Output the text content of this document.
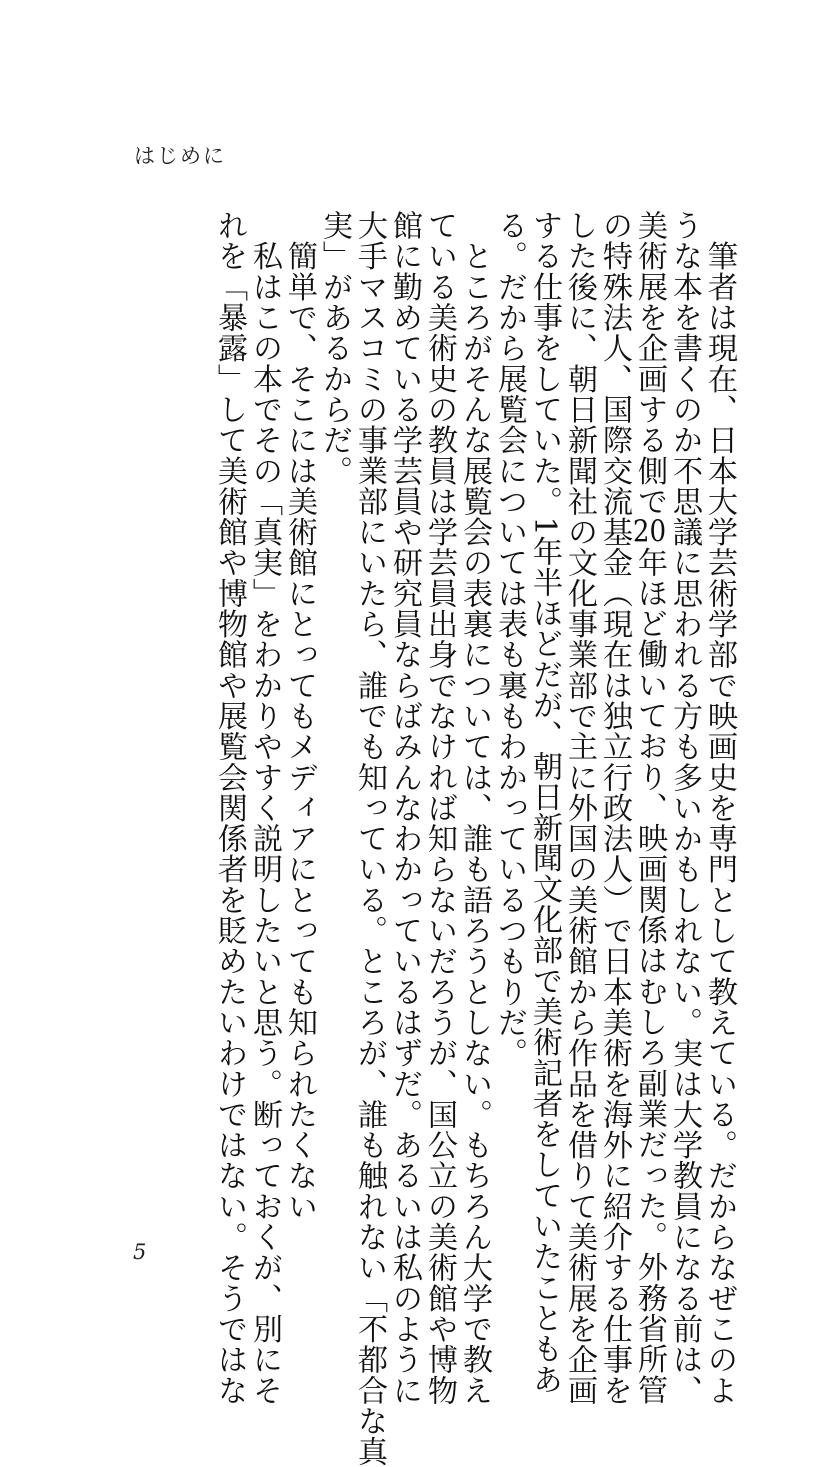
はじめに
　筆者は現在、日本大学芸術学部で映画史を専門として教えている。だからなぜこのよ
うな本を書くのか不思議に思われる方も多いかもしれない。実は大学教員になる前は、
美術展を企画する側で20年ほど働いており、映画関係はむしろ副業だった。外務省所管
の特殊法人、国際交流基金（現在は独立行政法人）で日本美術を海外に紹介する仕事を
した後に、朝日新聞社の文化事業部で主に外国の美術館から作品を借りて美術展を企画
する仕事をしていた。1年半ほどだが、朝日新聞文化部で美術記者をしていたこともあ
る。だから展覧会については表も裏もわかっているつもりだ。
　ところがそんな展覧会の表裏については、誰も語ろうとしない。もちろん大学で教え
ている美術史の教員は学芸員出身でなければ知らないだろうが、国公立の美術館や博物
館に勤めている学芸員や研究員ならばみんなわかっているはずだ。あるいは私のように
大手マスコミの事業部にいたら、誰でも知っている。ところが、誰も触れない「不都合な真
実」があるからだ。
　簡単で、そこには美術館にとってもメディアにとっても知られたくない
　私はこの本でその「真実」をわかりやすく説明したいと思う。断っておくが、別にそ
れを「暴露」して美術館や博物館や展覧会関係者を貶めたいわけではない。そうではな
5
